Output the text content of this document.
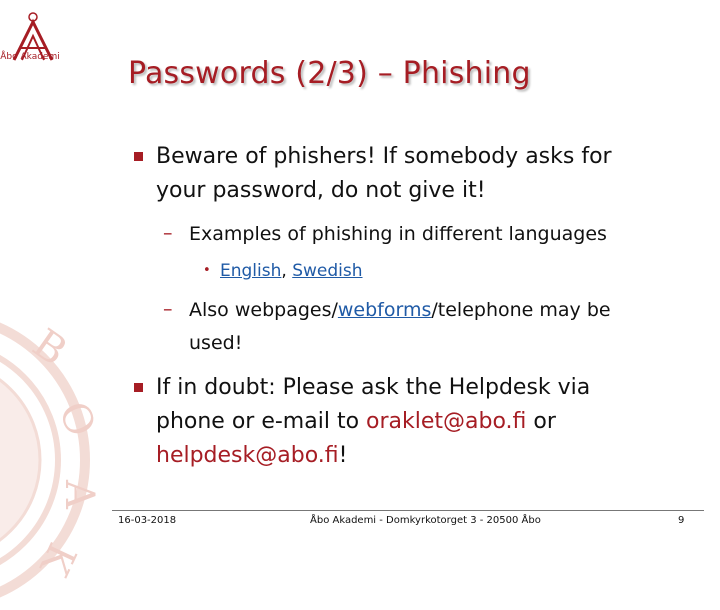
B
O
A
K
Åbo Akademi Passwords (2/3) – Phishing
Beware of phishers! If somebody asks for
your password, do not give it!
– Examples of phishing in different languages
• English, Swedish
– Also webpages/webforms/telephone may be
used!
If in doubt: Please ask the Helpdesk via
phone or e-mail to oraklet@abo.fi or
helpdesk@abo.fi!
16-03-2018	Åbo Akademi - Domkyrkotorget 3 - 20500 Åbo	9
